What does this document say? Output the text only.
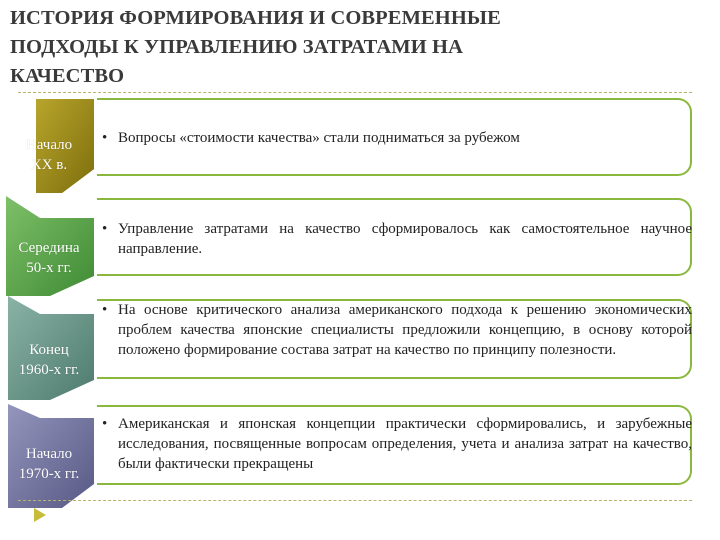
ИСТОРИЯ ФОРМИРОВАНИЯ И СОВРЕМЕННЫЕ
ПОДХОДЫ К УПРАВЛЕНИЮ ЗАТРАТАМИ НА
КАЧЕСТВО
Начало
XX в.
• Вопросы «стоимости качества» стали подниматься за рубежом
Середина
50-х гг.
• Управление затратами на качество сформировалось как самостоятельное научное направление.
Конец
1960-х гг.
• На основе критического анализа американского подхода к решению экономических проблем качества японские специалисты предложили концепцию, в основу которой положено формирование состава затрат на качество по принципу полезности.
Начало
1970-х гг.
• Американская и японская концепции практически сформировались, и зарубежные исследования, посвященные вопросам определения, учета и анализа затрат на качество, были фактически прекращены
